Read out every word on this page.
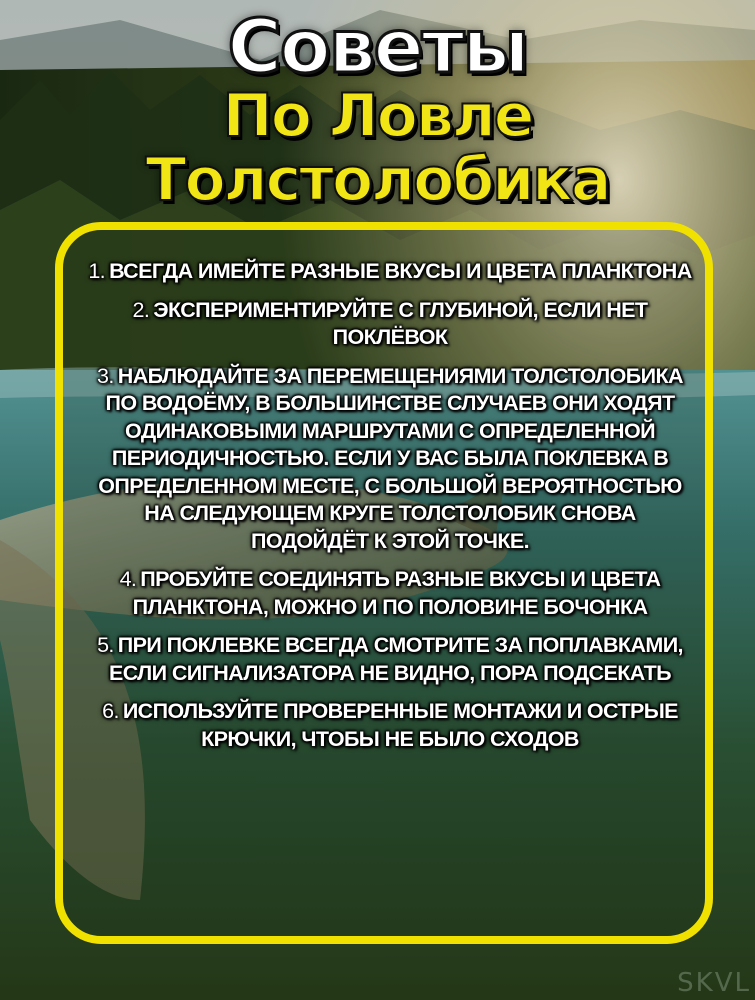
Советы
По Ловле
Толстолобика
1. ВСЕГДА ИМЕЙТЕ РАЗНЫЕ ВКУСЫ И ЦВЕТА ПЛАНКТОНА
2. ЭКСПЕРИМЕНТИРУЙТЕ С ГЛУБИНОЙ, ЕСЛИ НЕТ ПОКЛЁВОК
3. НАБЛЮДАЙТЕ ЗА ПЕРЕМЕЩЕНИЯМИ ТОЛСТОЛОБИКА ПО ВОДОЁМУ, В БОЛЬШИНСТВЕ СЛУЧАЕВ ОНИ ХОДЯТ ОДИНАКОВЫМИ МАРШРУТАМИ С ОПРЕДЕЛЕННОЙ ПЕРИОДИЧНОСТЬЮ. ЕСЛИ У ВАС БЫЛА ПОКЛЕВКА В ОПРЕДЕЛЕННОМ МЕСТЕ, С БОЛЬШОЙ ВЕРОЯТНОСТЬЮ НА СЛЕДУЮЩЕМ КРУГЕ ТОЛСТОЛОБИК СНОВА ПОДОЙДЁТ К ЭТОЙ ТОЧКЕ.
4. ПРОБУЙТЕ СОЕДИНЯТЬ РАЗНЫЕ ВКУСЫ И ЦВЕТА ПЛАНКТОНА, МОЖНО И ПО ПОЛОВИНЕ БОЧОНКА
5. ПРИ ПОКЛЕВКЕ ВСЕГДА СМОТРИТЕ ЗА ПОПЛАВКАМИ, ЕСЛИ СИГНАЛИЗАТОРА НЕ ВИДНО, ПОРА ПОДСЕКАТЬ
6. ИСПОЛЬЗУЙТЕ ПРОВЕРЕННЫЕ МОНТАЖИ И ОСТРЫЕ КРЮЧКИ, ЧТОБЫ НЕ БЫЛО СХОДОВ
SKVL
